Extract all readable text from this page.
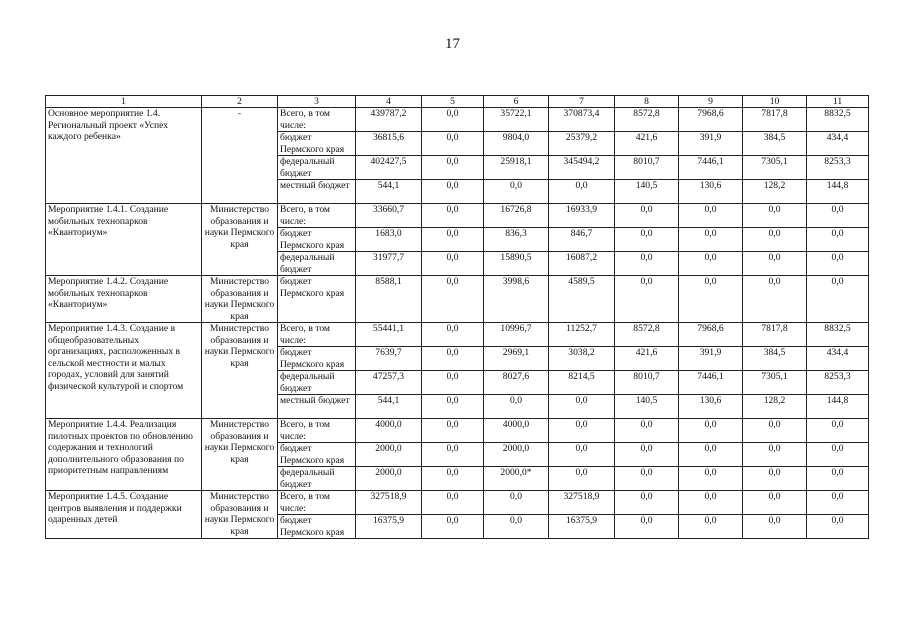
17
1	2	3	4	5	6	7	8	9	10	11
Основное мероприятие 1.4. Региональный проект «Успех каждого ребенка»	-	Всего, в том числе:	439787,2	0,0	35722,1	370873,4	8572,8	7968,6	7817,8	8832,5
		бюджет Пермского края	36815,6	0,0	9804,0	25379,2	421,6	391,9	384,5	434,4
		федеральный бюджет	402427,5	0,0	25918,1	345494,2	8010,7	7446,1	7305,1	8253,3
		местный бюджет	544,1	0,0	0,0	0,0	140,5	130,6	128,2	144,8
Мероприятие 1.4.1. Создание мобильных технопарков «Кванториум»	Министерство образования и науки Пермского края	Всего, в том числе:	33660,7	0,0	16726,8	16933,9	0,0	0,0	0,0	0,0
		бюджет Пермского края	1683,0	0,0	836,3	846,7	0,0	0,0	0,0	0,0
		федеральный бюджет	31977,7	0,0	15890,5	16087,2	0,0	0,0	0,0	0,0
Мероприятие 1.4.2. Создание мобильных технопарков «Кванториум»	Министерство образования и науки Пермского края	бюджет Пермского края	8588,1	0,0	3998,6	4589,5	0,0	0,0	0,0	0,0
Мероприятие 1.4.3. Создание в общеобразовательных организациях, расположенных в сельской местности и малых городах, условий для занятий физической культурой и спортом	Министерство образования и науки Пермского края	Всего, в том числе:	55441,1	0,0	10996,7	11252,7	8572,8	7968,6	7817,8	8832,5
		бюджет Пермского края	7639,7	0,0	2969,1	3038,2	421,6	391,9	384,5	434,4
		федеральный бюджет	47257,3	0,0	8027,6	8214,5	8010,7	7446,1	7305,1	8253,3
		местный бюджет	544,1	0,0	0,0	0,0	140,5	130,6	128,2	144,8
Мероприятие 1.4.4. Реализация пилотных проектов по обновлению содержания и технологий дополнительного образования по приоритетным направлениям	Министерство образования и науки Пермского края	Всего, в том числе:	4000,0	0,0	4000,0	0,0	0,0	0,0	0,0	0,0
		бюджет Пермского края	2000,0	0,0	2000,0	0,0	0,0	0,0	0,0	0,0
		федеральный бюджет	2000,0	0,0	2000,0*	0,0	0,0	0,0	0,0	0,0
Мероприятие 1.4.5. Создание центров выявления и поддержки одаренных детей	Министерство образования и науки Пермского края	Всего, в том числе:	327518,9	0,0	0,0	327518,9	0,0	0,0	0,0	0,0
		бюджет Пермского края	16375,9	0,0	0,0	16375,9	0,0	0,0	0,0	0,0
